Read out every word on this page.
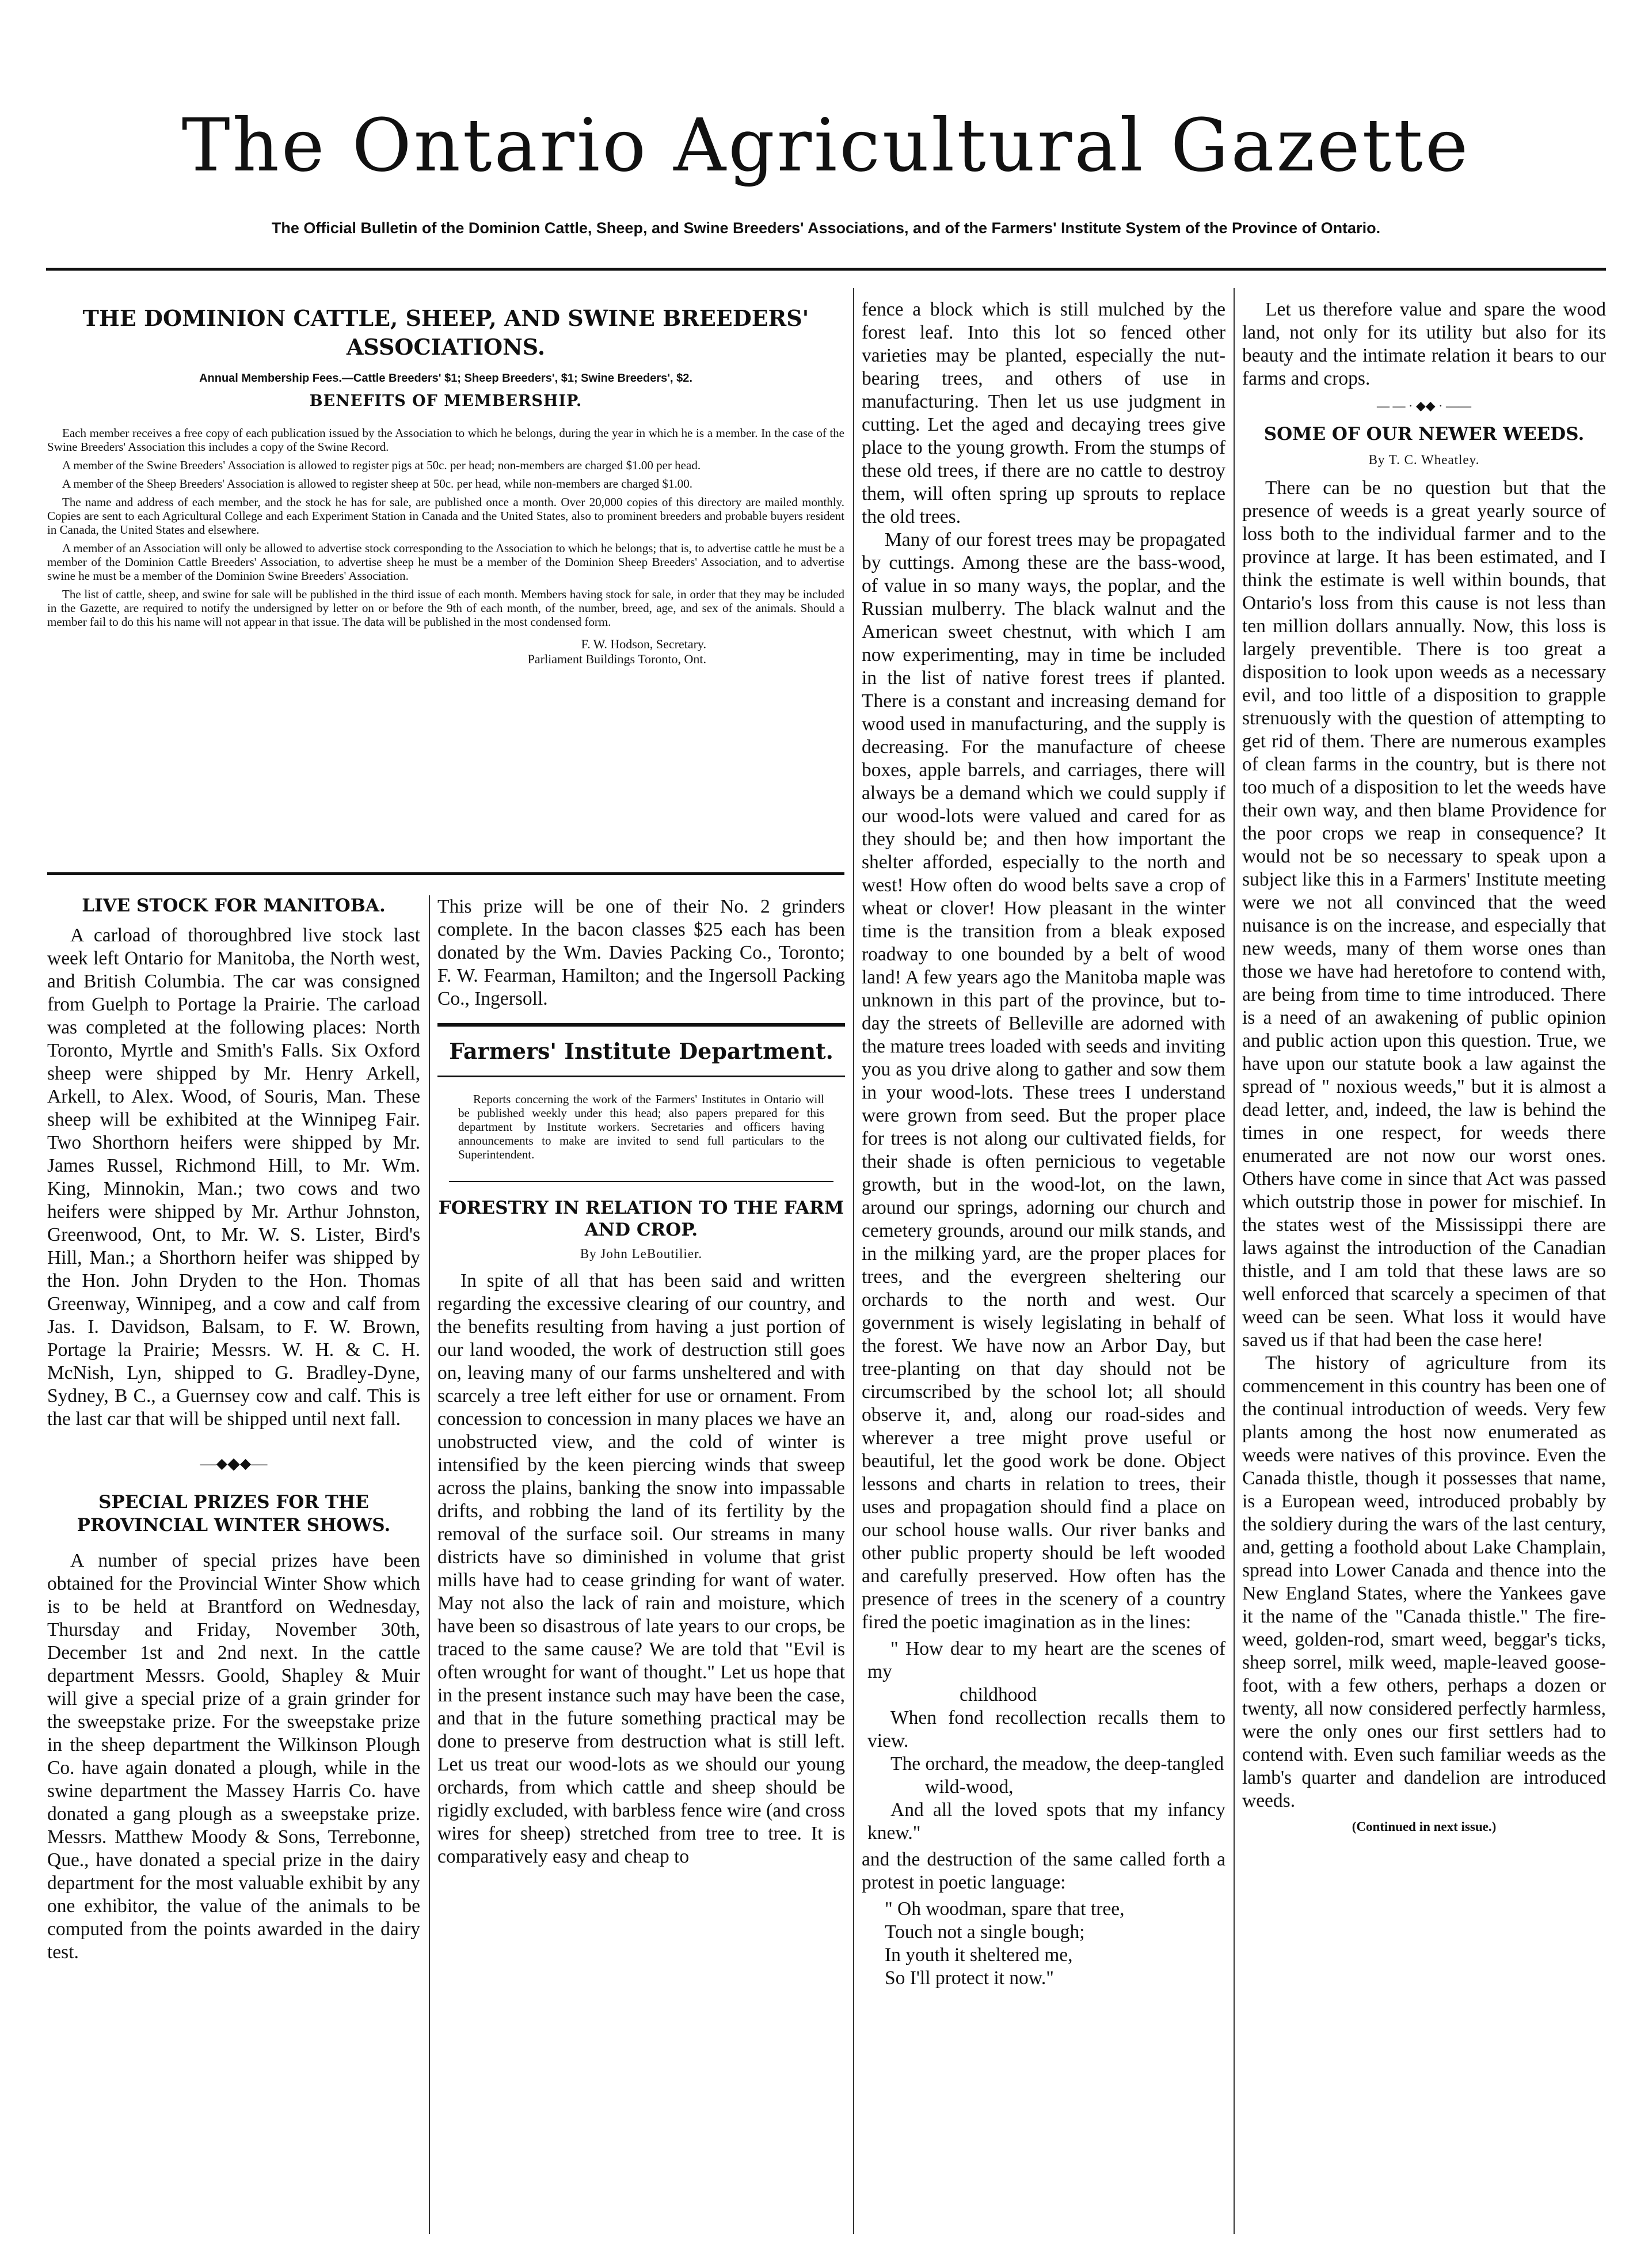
The Ontario Agricultural Gazette
The Official Bulletin of the Dominion Cattle, Sheep, and Swine Breeders' Associations, and of the Farmers' Institute System of the Province of Ontario.
THE DOMINION CATTLE, SHEEP, AND SWINE BREEDERS' ASSOCIATIONS.
Annual Membership Fees.—Cattle Breeders' $1; Sheep Breeders', $1; Swine Breeders', $2.
BENEFITS OF MEMBERSHIP.

Each member receives a free copy of each publication issued by the Association to which he belongs, during the year in which he is a member. In the case of the Swine Breeders' Association this includes a copy of the Swine Record.

A member of the Swine Breeders' Association is allowed to register pigs at 50c. per head; non-members are charged $1.00 per head.

A member of the Sheep Breeders' Association is allowed to register sheep at 50c. per head, while non-members are charged $1.00.

The name and address of each member, and the stock he has for sale, are published once a month. Over 20,000 copies of this directory are mailed monthly. Copies are sent to each Agricultural College and each Experiment Station in Canada and the United States, also to prominent breeders and probable buyers resident in Canada, the United States and elsewhere.

A member of an Association will only be allowed to advertise stock corresponding to the Association to which he belongs; that is, to advertise cattle he must be a member of the Dominion Cattle Breeders' Association, to advertise sheep he must be a member of the Dominion Sheep Breeders' Association, and to advertise swine he must be a member of the Dominion Swine Breeders' Association.

The list of cattle, sheep, and swine for sale will be published in the third issue of each month. Members having stock for sale, in order that they may be included in the Gazette, are required to notify the undersigned by letter on or before the 9th of each month, of the number, breed, age, and sex of the animals. Should a member fail to do this his name will not appear in that issue. The data will be published in the most condensed form.

F. W. Hodson, Secretary.
Parliament Buildings Toronto, Ont.
LIVE STOCK FOR MANITOBA.

A carload of thoroughbred live stock last week left Ontario for Manitoba, the North west, and British Columbia. The car was consigned from Guelph to Portage la Prairie. The carload was completed at the following places: North Toronto, Myrtle and Smith's Falls. Six Oxford sheep were shipped by Mr. Henry Arkell, Arkell, to Alex. Wood, of Souris, Man. These sheep will be exhibited at the Winnipeg Fair. Two Shorthorn heifers were shipped by Mr. James Russel, Richmond Hill, to Mr. Wm. King, Minnokin, Man.; two cows and two heifers were shipped by Mr. Arthur Johnston, Greenwood, Ont, to Mr. W. S. Lister, Bird's Hill, Man.; a Shorthorn heifer was shipped by the Hon. John Dryden to the Hon. Thomas Greenway, Winnipeg, and a cow and calf from Jas. I. Davidson, Balsam, to F. W. Brown, Portage la Prairie; Messrs. W. H. & C. H. McNish, Lyn, shipped to G. Bradley-Dyne, Sydney, B C., a Guernsey cow and calf. This is the last car that will be shipped until next fall.

—⬥◆⬥—
SPECIAL PRIZES FOR THE PROVINCIAL WINTER SHOWS.

A number of special prizes have been obtained for the Provincial Winter Show which is to be held at Brantford on Wednesday, Thursday and Friday, November 30th, December 1st and 2nd next. In the cattle department Messrs. Goold, Shapley & Muir will give a special prize of a grain grinder for the sweepstake prize. For the sweepstake prize in the sheep department the Wilkinson Plough Co. have again donated a plough, while in the swine department the Massey Harris Co. have donated a gang plough as a sweepstake prize. Messrs. Matthew Moody & Sons, Terrebonne, Que., have donated a special prize in the dairy department for the most valuable exhibit by any one exhibitor, the value of the animals to be computed from the points awarded in the dairy test.

This prize will be one of their No. 2 grinders complete. In the bacon classes $25 each has been donated by the Wm. Davies Packing Co., Toronto; F. W. Fearman, Hamilton; and the Ingersoll Packing Co., Ingersoll.

Farmers' Institute Department.

Reports concerning the work of the Farmers' Institutes in Ontario will be published weekly under this head; also papers prepared for this department by Institute workers. Secretaries and officers having announcements to make are invited to send full particulars to the Superintendent.

FORESTRY IN RELATION TO THE FARM AND CROP.
By John LeBoutilier.

In spite of all that has been said and written regarding the excessive clearing of our country, and the benefits resulting from having a just portion of our land wooded, the work of destruction still goes on, leaving many of our farms unsheltered and with scarcely a tree left either for use or ornament. From concession to concession in many places we have an unobstructed view, and the cold of winter is intensified by the keen piercing winds that sweep across the plains, banking the snow into impassable drifts, and robbing the land of its fertility by the removal of the surface soil. Our streams in many districts have so diminished in volume that grist mills have had to cease grinding for want of water. May not also the lack of rain and moisture, which have been so disastrous of late years to our crops, be traced to the same cause? We are told that "Evil is often wrought for want of thought." Let us hope that in the present instance such may have been the case, and that in the future something practical may be done to preserve from destruction what is still left. Let us treat our wood-lots as we should our young orchards, from which cattle and sheep should be rigidly excluded, with barbless fence wire (and cross wires for sheep) stretched from tree to tree. It is comparatively easy and cheap to

fence a block which is still mulched by the forest leaf. Into this lot so fenced other varieties may be planted, especially the nut-bearing trees, and others of use in manufacturing. Then let us use judgment in cutting. Let the aged and decaying trees give place to the young growth. From the stumps of these old trees, if there are no cattle to destroy them, will often spring up sprouts to replace the old trees.

Many of our forest trees may be propagated by cuttings. Among these are the bass-wood, of value in so many ways, the poplar, and the Russian mulberry. The black walnut and the American sweet chestnut, with which I am now experimenting, may in time be included in the list of native forest trees if planted. There is a constant and increasing demand for wood used in manufacturing, and the supply is decreasing. For the manufacture of cheese boxes, apple barrels, and carriages, there will always be a demand which we could supply if our wood-lots were valued and cared for as they should be; and then how important the shelter afforded, especially to the north and west! How often do wood belts save a crop of wheat or clover! How pleasant in the winter time is the transition from a bleak exposed roadway to one bounded by a belt of wood land! A few years ago the Manitoba maple was unknown in this part of the province, but to-day the streets of Belleville are adorned with the mature trees loaded with seeds and inviting you as you drive along to gather and sow them in your wood-lots. These trees I understand were grown from seed. But the proper place for trees is not along our cultivated fields, for their shade is often pernicious to vegetable growth, but in the wood-lot, on the lawn, around our springs, adorning our church and cemetery grounds, around our milk stands, and in the milking yard, are the proper places for trees, and the evergreen sheltering our orchards to the north and west. Our government is wisely legislating in behalf of the forest. We have now an Arbor Day, but tree-planting on that day should not be circumscribed by the school lot; all should observe it, and, along our road-sides and wherever a tree might prove useful or beautiful, let the good work be done. Object lessons and charts in relation to trees, their uses and propagation should find a place on our school house walls. Our river banks and other public property should be left wooded and carefully preserved. How often has the presence of trees in the scenery of a country fired the poetic imagination as in the lines:

" How dear to my heart are the scenes of my

childhood

When fond recollection recalls them to view.

The orchard, the meadow, the deep-tangled

wild-wood,

And all the loved spots that my infancy knew."

and the destruction of the same called forth a protest in poetic language:

" Oh woodman, spare that tree,

Touch not a single bough;

In youth it sheltered me,

So I'll protect it now."

Let us therefore value and spare the wood land, not only for its utility but also for its beauty and the intimate relation it bears to our farms and crops.

— — · ◆◆ · ——
SOME OF OUR NEWER WEEDS.
By T. C. Wheatley.

There can be no question but that the presence of weeds is a great yearly source of loss both to the individual farmer and to the province at large. It has been estimated, and I think the estimate is well within bounds, that Ontario's loss from this cause is not less than ten million dollars annually. Now, this loss is largely preventible. There is too great a disposition to look upon weeds as a necessary evil, and too little of a disposition to grapple strenuously with the question of attempting to get rid of them. There are numerous examples of clean farms in the country, but is there not too much of a disposition to let the weeds have their own way, and then blame Providence for the poor crops we reap in consequence? It would not be so necessary to speak upon a subject like this in a Farmers' Institute meeting were we not all convinced that the weed nuisance is on the increase, and especially that new weeds, many of them worse ones than those we have had heretofore to contend with, are being from time to time introduced. There is a need of an awakening of public opinion and public action upon this question. True, we have upon our statute book a law against the spread of " noxious weeds," but it is almost a dead letter, and, indeed, the law is behind the times in one respect, for weeds there enumerated are not now our worst ones. Others have come in since that Act was passed which outstrip those in power for mischief. In the states west of the Mississippi there are laws against the introduction of the Canadian thistle, and I am told that these laws are so well enforced that scarcely a specimen of that weed can be seen. What loss it would have saved us if that had been the case here!

The history of agriculture from its commencement in this country has been one of the continual introduction of weeds. Very few plants among the host now enumerated as weeds were natives of this province. Even the Canada thistle, though it possesses that name, is a European weed, introduced probably by the soldiery during the wars of the last century, and, getting a foothold about Lake Champlain, spread into Lower Canada and thence into the New England States, where the Yankees gave it the name of the "Canada thistle." The fire-weed, golden-rod, smart weed, beggar's ticks, sheep sorrel, milk weed, maple-leaved goose-foot, with a few others, perhaps a dozen or twenty, all now considered perfectly harmless, were the only ones our first settlers had to contend with. Even such familiar weeds as the lamb's quarter and dandelion are introduced weeds.

(Continued in next issue.)
